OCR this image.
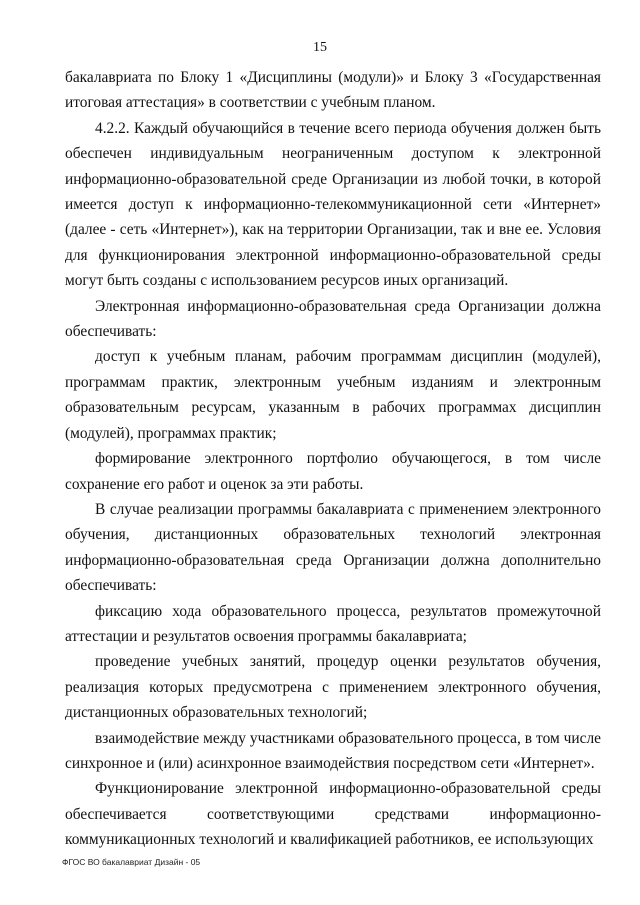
15

бакалавриата по Блоку 1 «Дисциплины (модули)» и Блоку 3 «Государственная итоговая аттестация» в соответствии с учебным планом.

4.2.2. Каждый обучающийся в течение всего периода обучения должен быть обеспечен индивидуальным неограниченным доступом к электронной информационно-образовательной среде Организации из любой точки, в которой имеется доступ к информационно-телекоммуникационной сети «Интернет» (далее - сеть «Интернет»), как на территории Организации, так и вне ее. Условия для функционирования электронной информационно-образовательной среды могут быть созданы с использованием ресурсов иных организаций.

Электронная информационно-образовательная среда Организации должна обеспечивать:

доступ к учебным планам, рабочим программам дисциплин (модулей), программам практик, электронным учебным изданиям и электронным образовательным ресурсам, указанным в рабочих программах дисциплин (модулей), программах практик;

формирование электронного портфолио обучающегося, в том числе сохранение его работ и оценок за эти работы.

В случае реализации программы бакалавриата с применением электронного обучения, дистанционных образовательных технологий электронная информационно-образовательная среда Организации должна дополнительно обеспечивать:

фиксацию хода образовательного процесса, результатов промежуточной аттестации и результатов освоения программы бакалавриата;

проведение учебных занятий, процедур оценки результатов обучения, реализация которых предусмотрена с применением электронного обучения, дистанционных образовательных технологий;

взаимодействие между участниками образовательного процесса, в том числе синхронное и (или) асинхронное взаимодействия посредством сети «Интернет».

Функционирование электронной информационно-образовательной среды обеспечивается соответствующими средствами информационно-коммуникационных технологий и квалификацией работников, ее использующих

ФГОС ВО бакалавриат Дизайн - 05
